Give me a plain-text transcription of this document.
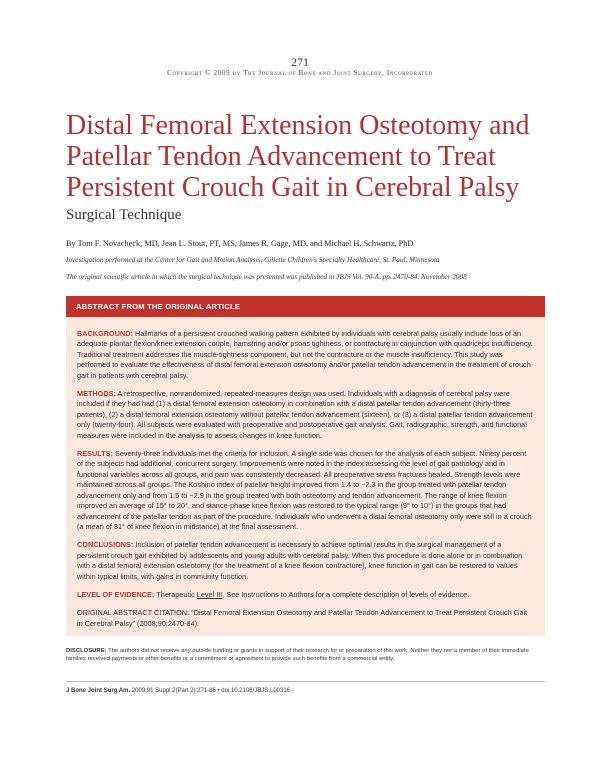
271
Copyright © 2009 by The Journal of Bone and Joint Surgery, Incorporated
Distal Femoral Extension Osteotomy and
Patellar Tendon Advancement to Treat
Persistent Crouch Gait in Cerebral Palsy
Surgical Technique
By Tom F. Novacheck, MD, Jean L. Stout, PT, MS, James R. Gage, MD, and Michael H. Schwartz, PhD
Investigation performed at the Center for Gait and Motion Analysis, Gillette Children's Specialty Healthcare, St. Paul, Minnesota
The original scientific article in which the surgical technique was presented was published in JBJS Vol. 90-A, pp. 2470-84, November 2008
ABSTRACT FROM THE ORIGINAL ARTICLE

BACKGROUND: Hallmarks of a persistent crouched walking pattern exhibited by individuals with cerebral palsy usually include loss of an adequate plantar flexion/knee extension couple, hamstring and/or psoas tightness, or contracture in conjunction with quadriceps insufficiency. Traditional treatment addresses the muscle-tightness component, but not the contracture or the muscle insufficiency. This study was performed to evaluate the effectiveness of distal femoral extension osteotomy and/or patellar tendon advancement in the treatment of crouch gait in patients with cerebral palsy.

METHODS: A retrospective, nonrandomized, repeated-measures design was used. Individuals with a diagnosis of cerebral palsy were included if they had had (1) a distal femoral extension osteotomy in combination with a distal patellar tendon advancement (thirty-three patients), (2) a distal femoral extension osteotomy without patellar tendon advancement (sixteen), or (3) a distal patellar tendon advancement only (twenty-four). All subjects were evaluated with preoperative and postoperative gait analysis. Gait, radiographic, strength, and functional measures were included in the analysis to assess changes in knee function.

RESULTS: Seventy-three individuals met the criteria for inclusion. A single side was chosen for the analysis of each subject. Ninety percent of the subjects had additional, concurrent surgery. Improvements were noted in the index assessing the level of gait pathology and in functional variables across all groups, and pain was consistently decreased. All preoperative stress fractures healed. Strength levels were maintained across all groups. The Koshino index of patellar height improved from 1.4 to −2.3 in the group treated with patellar tendon advancement only and from 1.5 to −2.9 in the group treated with both osteotomy and tendon advancement. The range of knee flexion improved an average of 15° to 20°, and stance-phase knee flexion was restored to the typical range (9° to 10°) in the groups that had advancement of the patellar tendon as part of the procedure. Individuals who underwent a distal femoral osteotomy only were still in a crouch (a mean of 31° of knee flexion in midstance) at the final assessment.

CONCLUSIONS: Inclusion of patellar tendon advancement is necessary to achieve optimal results in the surgical management of a persistent crouch gait exhibited by adolescents and young adults with cerebral palsy. When this procedure is done alone or in combination with a distal femoral extension osteotomy (for the treatment of a knee flexion contracture), knee function in gait can be restored to values within typical limits, with gains in community function.

LEVEL OF EVIDENCE: Therapeutic Level III. See Instructions to Authors for a complete description of levels of evidence.

ORIGINAL ABSTRACT CITATION: “Distal Femoral Extension Osteotomy and Patellar Tendon Advancement to Treat Persistent Crouch Gait in Cerebral Palsy” (2008;90:2470-84).

DISCLOSURE: The authors did not receive any outside funding or grants in support of their research for or preparation of this work. Neither they nor a member of their immediate families received payments or other benefits or a commitment or agreement to provide such benefits from a commercial entity.
J Bone Joint Surg Am. 2009;91 Suppl 2(Part 2):271-86 • doi:10.2106/JBJS.I.00316
